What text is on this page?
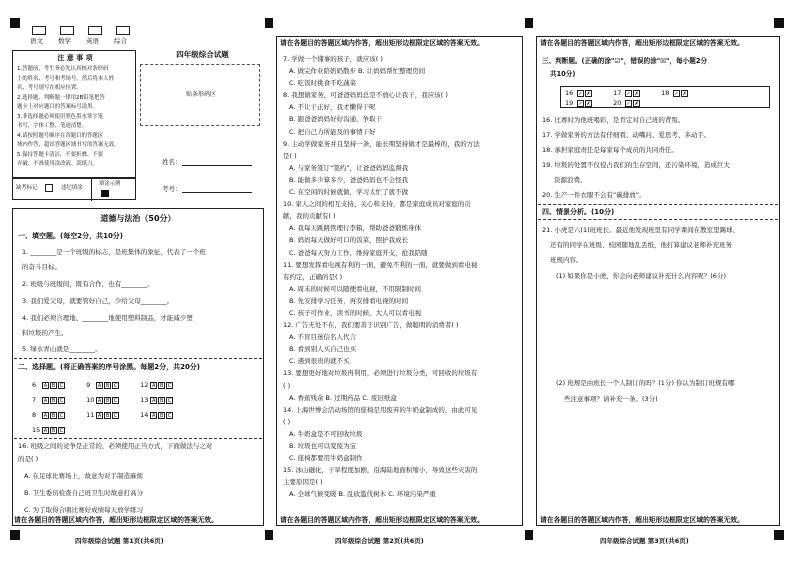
语文 数学 英语 综合
注 意 事 项
1.答题前，考生务必先认真核对条形码
上的姓名、考号和考场号，然后将本人姓
名、考号填写在相应位置。
2.选择题，判断题一律用2B铅笔把答
题卡上对应题目的答案标号涂黑。
3.非选择题必须使用黑色墨水签字笔
书写，字体工整、笔迹清楚。
4.请按照题号顺序在各题目的答题区
域内作答，超出答题区域书写的答案无效。
5.保持答题卡清洁，不要折叠、不要
弄破、不准使用涂改液、刮纸刀。
缺考标记	违纪填涂
填涂示例
四年级综合试题
贴条形码区
姓名：
考号：
道德与法治（50分）
一、填空题。(每空2分，共10分)
1. ________是一个班级的标志，是班集体的象征，代表了一个班
的奋斗目标。
2. 班级与班级间，既有合作，也有________。
3. 我们爱父母，就要管好自己，少给父母________。
4. 我们必须合理地、________地使用塑料制品，才能减少塑
料垃圾的产生。
5. 绿水青山就是________。
二、选择题。(将正确答案的序号涂黑。每题2分，共20分)
6 A B C	9 A B C	12 A B C
7 A B C	10 A B C	13 A B C
8 A B C	11 A B C	14 A B C
15 A B C
16. 班级之间的竞争是正常的，必须使用正当方式，下面做法与之对
的是( )
A. 在足球比赛场上，故意为对手制造麻烦
B. 卫生委员检查自己班卫生时故意打高分
C. 为了取得合唱比赛好成绩每天放学练习
请在各题目的答题区域内作答，超出矩形边框限定区域的答案无效。
四年级综合试题 第1页(共6页)
请在各题目的答题区域内作答，超出矩形边框限定区域的答案无效。
7. 学做一个懂事的孩子，就应该( )
A. 做完作业陪奶奶散步 B. 让妈妈帮忙整理房间
C. 吃饭时挑食不吃蔬菜
8. 我想做家务，可爸爸妈妈总是不放心让我干，我应该( )
A. 不让干正好，我才懒得干呢
B. 跟爸爸妈妈好好沟通，争取干
C. 把自己力所能及的事情干好
9. 主动学做家务并且坚持一条，能长期坚持做才是最棒的，我的方法
是( )
A. 与家务签订“签约”，让爸爸妈妈监督我
B. 能做多少算多少，爸爸妈妈也不会怪我
C. 在空闲的时候就做，学习太忙了就不做
10. 家人之间的相互支持、关心和支持，都是家庭成员对家庭的贡
献，我的贡献有( )
A. 我每天跳跳管理行李箱，帮助爸爸锻炼身体
B. 妈妈每天做好可口的饭菜，照护我成长
C. 爸爸每天努力工作，维持家庭开支，抢我陪随
11. 要想发挥看电视有利的一面，避免不利的一面，就要做到看电视
有约定，正确的是( )
A. 周末的时候可以随便看电视，不用限制时间
B. 先安排学习任务，再安排看电视的时间
C. 孩子可作业，读书的时候，大人可以看电视
12. 广告无处不在，我们要善于识别广告，做聪明的消费者( )
A. 不盲目迷信名人代言
B. 看到别人买自己也买
C. 遇到很贵的就不买
13. 要想更好地对垃圾再利用，必须进行垃圾分类，可回收的垃圾有
( )
A. 香蕉残余 B. 过期药品 C. 废旧纸盒
14. 上海世博会活动场馆的座椅是用废弃的牛奶盒制成的，由此可见
( )
A. 牛奶盒是不可回收垃圾
B. 垃圾也可以变废为宝
C. 座椅都要用牛奶盒制作
15. 冰山融化，干旱程度加剧，沿海陆地面积缩小，导致这些灾害的
主要原因是( )
A. 全球气候变暖 B. 乱砍滥伐树木 C. 环境污染严重
请在各题目的答题区域内作答，超出矩形边框限定区域的答案无效。
四年级综合试题 第2页(共6页)
请在各题目的答题区域内作答，超出矩形边框限定区域的答案无效。
三、判断题。(正确的涂"☑"，错误的涂"☒"，每小题2分
共10分)
16 ✓ ✗	17 ✓ ✗	18 ✓ ✗
19 ✓ ✗	20 ✓ ✗
16. 比赛时为他班喝彩，是肯定对自己班的背叛。
17. 学做家务的方法有仔细看、动嘴问、爱思考、多动手。
18. 承担家庭责任是每家每个成员的共同责任。
19. 垃圾的处置不仅侵占我们的生存空间，还污染环境，造成巨大
资源浪费。
20. 生产一件衣服不会有“碳排放”。
四、情景分析。(10分)
21. 小虎是六(1)班班长。最近他发现班里有同学课间在教室里踢球、
还有的同学在班级、校园随地乱丢纸，他打算建议老师补充班务
班规内容。
(1) 如果你是小虎，你会向老师建议补充什么内容呢？(6分)
(2) 班规是由班长一个人制订的吗？(1分) 你认为制订班规有哪
些注意事项？请补充一条。(3分)
请在各题目的答题区域内作答，超出矩形边框限定区域的答案无效。
四年级综合试题 第3页(共6页)
